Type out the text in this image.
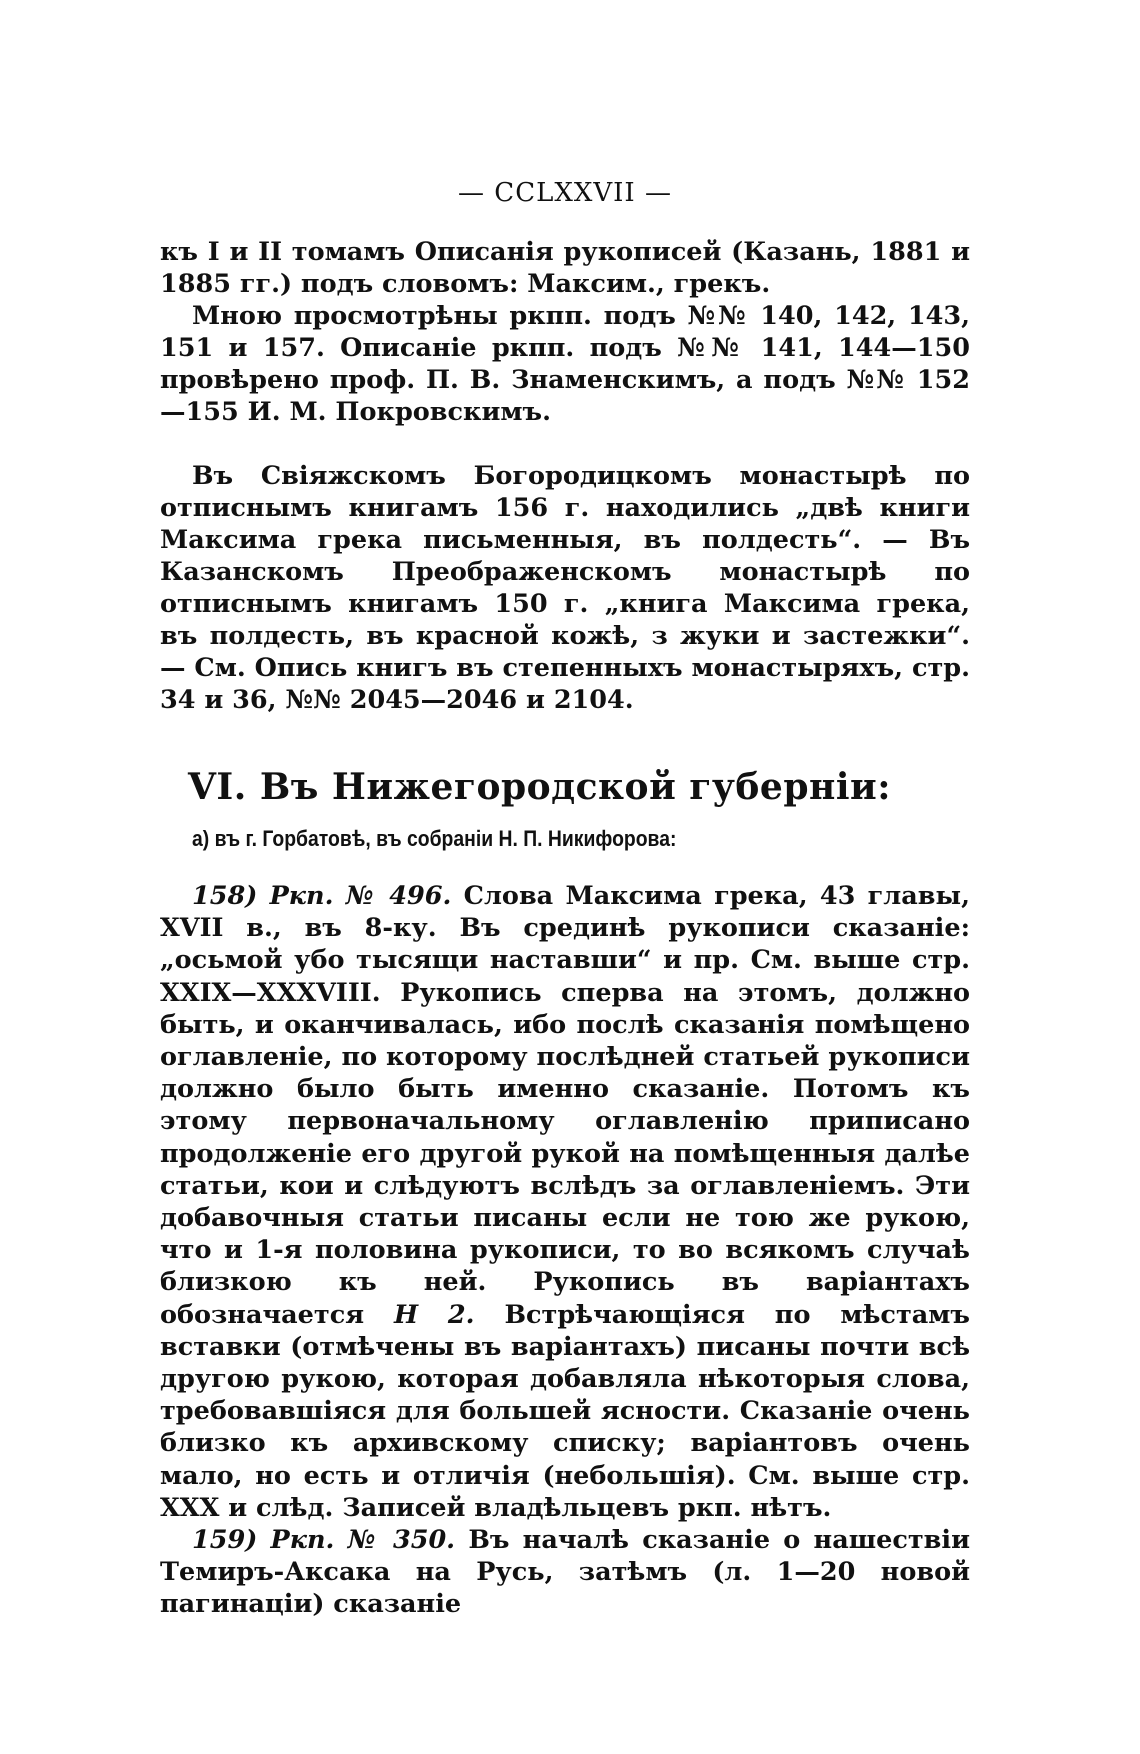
— CCLXXVII —

къ I и II томамъ Описанія рукописей (Казань, 1881 и 1885 гг.) подъ словомъ: Максим., грекъ.

Мною просмотрѣны ркпп. подъ №№ 140, 142, 143, 151 и 157. Описаніе ркпп. подъ №№ 141, 144—150 провѣрено проф. П. В. Знаменскимъ, а подъ №№ 152—155 И. М. Покровскимъ.

Въ Свіяжскомъ Богородицкомъ монастырѣ по отписнымъ книгамъ 156 г. находились „двѣ книги Максима грека письменныя, въ полдесть“. — Въ Казанскомъ Преображенскомъ монастырѣ по отписнымъ книгамъ 150 г. „книга Максима грека, въ полдесть, въ красной кожѣ, з жуки и застежки“. — См. Опись книгъ въ степенныхъ монастыряхъ, стр. 34 и 36, №№ 2045—2046 и 2104.

VI. Въ Нижегородской губерніи:
а) въ г. Горбатовѣ, въ собраніи Н. П. Никифорова:

158) Ркп. № 496. Слова Максима грека, 43 главы, XVII в., въ 8-ку. Въ срединѣ рукописи сказаніе: „осьмой убо тысящи наставши“ и пр. См. выше стр. XXIX—XXXVIII. Рукопись сперва на этомъ, должно быть, и оканчивалась, ибо послѣ сказанія помѣщено оглавленіе, по которому послѣдней статьей рукописи должно было быть именно сказаніе. Потомъ къ этому первоначальному оглавленію приписано продолженіе его другой рукой на помѣщенныя далѣе статьи, кои и слѣдуютъ вслѣдъ за оглавленіемъ. Эти добавочныя статьи писаны если не тою же рукою, что и 1-я половина рукописи, то во всякомъ случаѣ близкою къ ней. Рукопись въ варіантахъ обозначается Н 2. Встрѣчающіяся по мѣстамъ вставки (отмѣчены въ варіантахъ) писаны почти всѣ другою рукою, которая добавляла нѣкоторыя слова, требовавшіяся для большей ясности. Сказаніе очень близко къ архивскому списку; варіантовъ очень мало, но есть и отличія (небольшія). См. выше стр. XXX и слѣд. Записей владѣльцевъ ркп. нѣтъ.

159) Ркп. № 350. Въ началѣ сказаніе о нашествіи Темиръ-Аксака на Русь, затѣмъ (л. 1—20 новой пагинаціи) сказаніе
